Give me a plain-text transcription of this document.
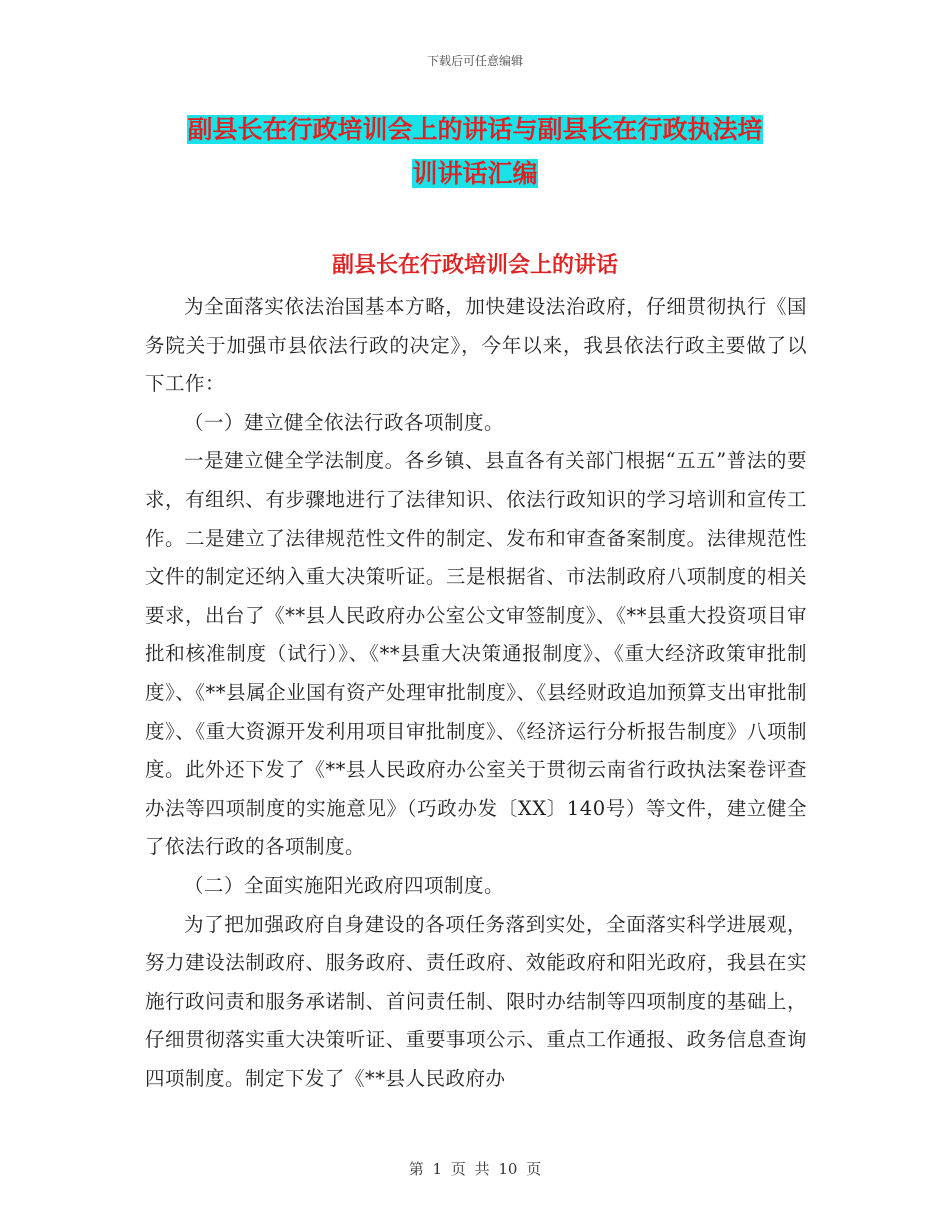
下载后可任意编辑
副县长在行政培训会上的讲话与副县长在行政执法培
训讲话汇编
副县长在行政培训会上的讲话

为全面落实依法治国基本方略，加快建设法治政府，仔细贯彻执行《国务院关于加强市县依法行政的决定》，今年以来，我县依法行政主要做了以下工作：

（一）建立健全依法行政各项制度。

一是建立健全学法制度。各乡镇、县直各有关部门根据“五五”普法的要求，有组织、有步骤地进行了法律知识、依法行政知识的学习培训和宣传工作。二是建立了法律规范性文件的制定、发布和审查备案制度。法律规范性文件的制定还纳入重大决策听证。三是根据省、市法制政府八项制度的相关要求，出台了《**县人民政府办公室公文审签制度》、《**县重大投资项目审批和核准制度（试行）》、《**县重大决策通报制度》、《重大经济政策审批制度》、《**县属企业国有资产处理审批制度》、《县经财政追加预算支出审批制度》、《重大资源开发利用项目审批制度》、《经济运行分析报告制度》八项制度。此外还下发了《**县人民政府办公室关于贯彻云南省行政执法案卷评查办法等四项制度的实施意见》（巧政办发〔XX〕140号）等文件，建立健全了依法行政的各项制度。

（二）全面实施阳光政府四项制度。

为了把加强政府自身建设的各项任务落到实处，全面落实科学进展观，努力建设法制政府、服务政府、责任政府、效能政府和阳光政府，我县在实施行政问责和服务承诺制、首问责任制、限时办结制等四项制度的基础上，仔细贯彻落实重大决策听证、重要事项公示、重点工作通报、政务信息查询四项制度。制定下发了《**县人民政府办

第 1 页 共 10 页
